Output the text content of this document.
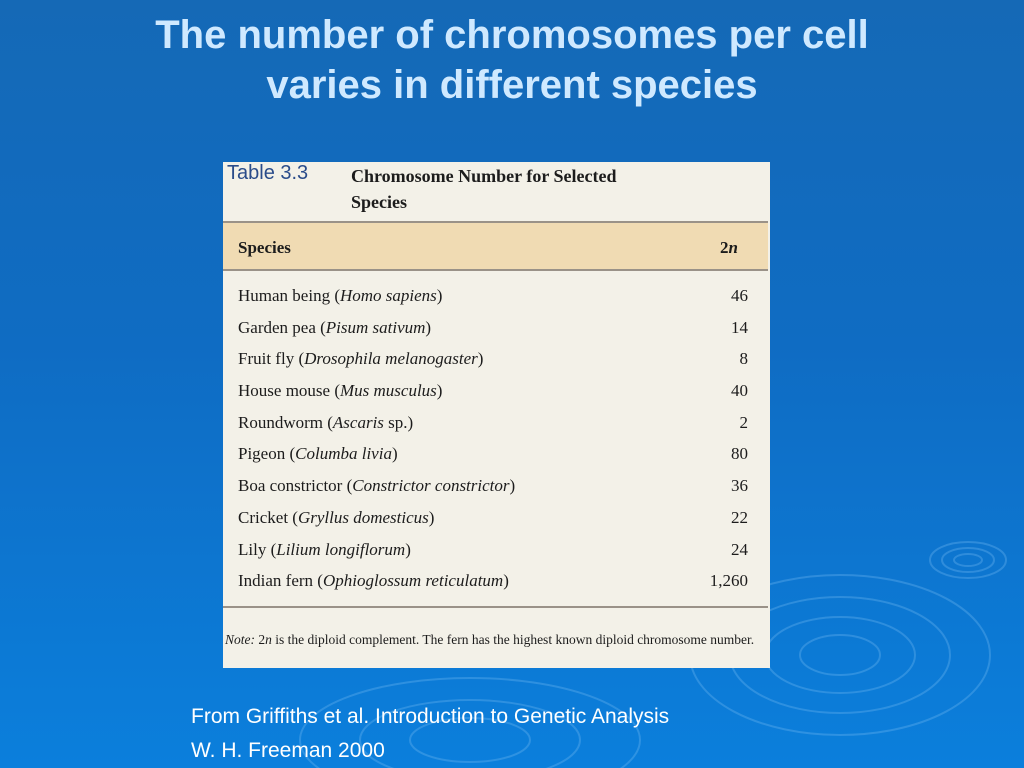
The number of chromosomes per cell
varies in different species
Table 3.3 Chromosome Number for Selected
Species
Species	2n
Human being (Homo sapiens)	46
Garden pea (Pisum sativum)	14
Fruit fly (Drosophila melanogaster)	8
House mouse (Mus musculus)	40
Roundworm (Ascaris sp.)	2
Pigeon (Columba livia)	80
Boa constrictor (Constrictor constrictor)	36
Cricket (Gryllus domesticus)	22
Lily (Lilium longiflorum)	24
Indian fern (Ophioglossum reticulatum)	1,260
Note: 2n is the diploid complement. The fern has the highest known diploid chromosome number.
From Griffiths et al. Introduction to Genetic Analysis
W. H. Freeman 2000
